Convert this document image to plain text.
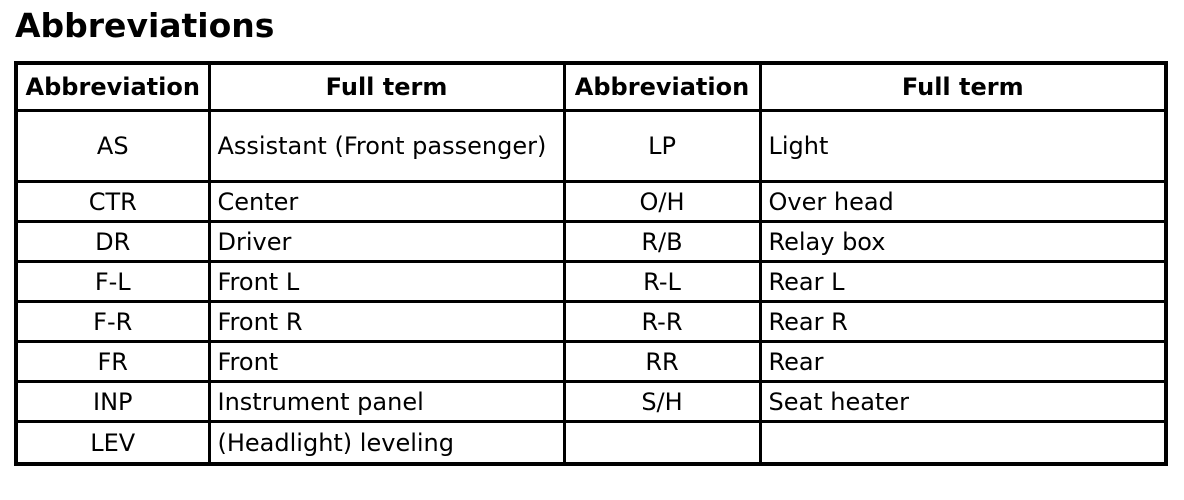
Abbreviations
Abbreviation	Full term	Abbreviation	Full term
AS	Assistant (Front passenger)	LP	Light
CTR	Center	O/H	Over head
DR	Driver	R/B	Relay box
F-L	Front L	R-L	Rear L
F-R	Front R	R-R	Rear R
FR	Front	RR	Rear
INP	Instrument panel	S/H	Seat heater
LEV	(Headlight) leveling		
